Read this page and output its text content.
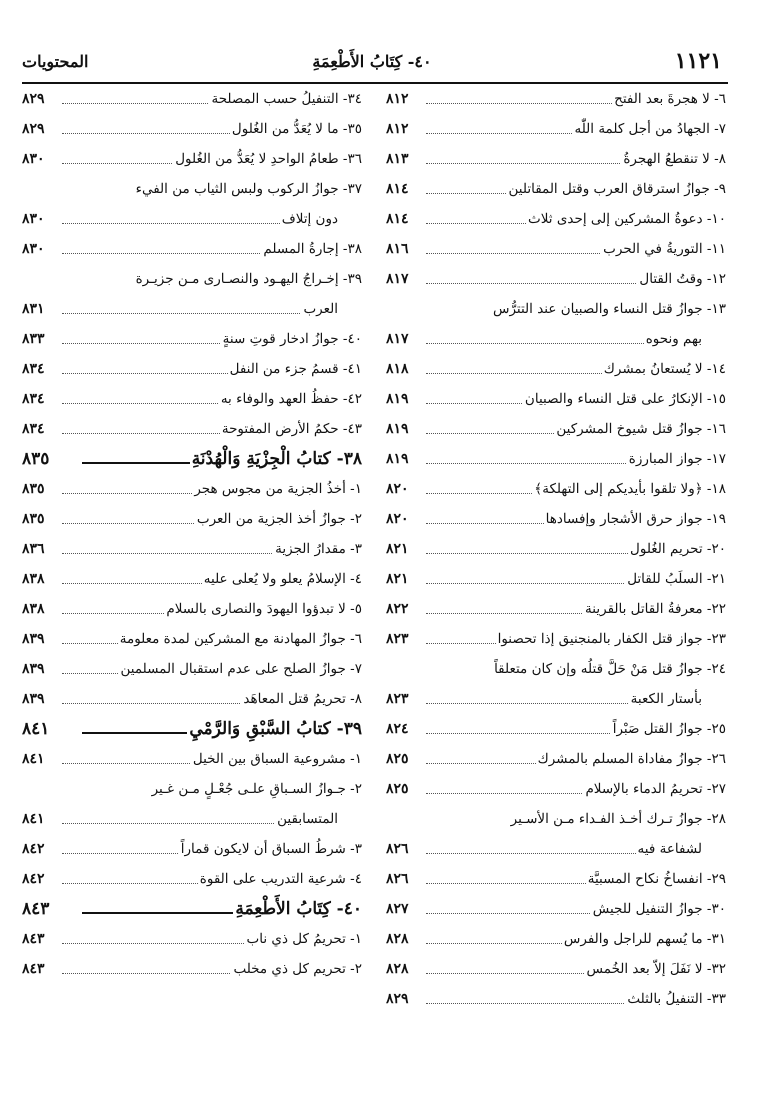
١١٢١
٤٠- كِتَابُ الأَطْعِمَةِ
المحتويات
٦- لا هجرةَ بعد الفتح
٨١٢
٧- الجهادُ من أجل كلمة اللّٰه
٨١٢
٨- لا تنقطعُ الهجرةُ
٨١٣
٩- جوازُ استرقاق العرب وقتل المقاتلين
٨١٤
١٠- دعوةُ المشركين إلى إحدى ثلاث
٨١٤
١١- التوريةُ في الحرب
٨١٦
١٢- وقتُ القتال
٨١٧
١٣- جوازُ قتل النساء والصبيان عند التترُّس
بهم ونحوه
٨١٧
١٤- لا يُستعانُ بمشرك
٨١٨
١٥- الإنكارُ على قتل النساء والصبيان
٨١٩
١٦- جوازُ قتل شيوخ المشركين
٨١٩
١٧- جواز المبارزة
٨١٩
١٨- ﴿ولا تلقوا بأيديكم إلى التهلكة﴾
٨٢٠
١٩- جواز حرق الأشجار وإفسادها
٨٢٠
٢٠- تحريم الغُلول
٨٢١
٢١- السلَبُ للقاتل
٨٢١
٢٢- معرفةُ القاتل بالقرينة
٨٢٢
٢٣- جواز قتل الكفار بالمنجنيق إذا تحصنوا
٨٢٣
٢٤- جوازُ قتل مَنْ حَلَّ قتلُه وإن كان متعلقاً
بأستار الكعبة
٨٢٣
٢٥- جوازُ القتل صَبْراً
٨٢٤
٢٦- جوازُ مفاداة المسلم بالمشرك
٨٢٥
٢٧- تحريمُ الدماء بالإسلام
٨٢٥
٢٨- جوازُ تـرك أخـذ الفـداء مـن الأسـير
لشفاعة فيه
٨٢٦
٢٩- انفساخُ نكاح المسبيَّة
٨٢٦
٣٠- جوازُ التنفيل للجيش
٨٢٧
٣١- ما يُسهم للراجل والفرس
٨٢٨
٣٢- لا نَفَلَ إلاّ بعد الخُمس
٨٢٨
٣٣- التنفيلُ بالثلث
٨٢٩
٣٤- التنفيلُ حسب المصلحة
٨٢٩
٣٥- ما لا يُعَدُّ من الغُلول
٨٢٩
٣٦- طعامُ الواحدِ لا يُعَدُّ من الغُلول
٨٣٠
٣٧- جوازُ الركوب ولبس الثياب من الفيء
دون إتلاف
٨٣٠
٣٨- إجارةُ المسلم
٨٣٠
٣٩- إخـراجُ اليهـود والنصـارى مـن جزيـرة
العرب
٨٣١
٤٠- جوازُ ادخار قوتِ سنةٍ
٨٣٣
٤١- قسمُ جزء من النفل
٨٣٤
٤٢- حفظُ العهد والوفاء به
٨٣٤
٤٣- حكمُ الأرض المفتوحة
٨٣٤
٣٨- كتابُ الْجِزْيَةِ وَالْهُدْنَةِ
٨٣٥
١- أخذُ الجزية من مجوس هجر
٨٣٥
٢- جوازُ أخذ الجزية من العرب
٨٣٥
٣- مقدارُ الجزية
٨٣٦
٤- الإسلامُ يعلو ولا يُعلى عليه
٨٣٨
٥- لا تبدؤوا اليهودَ والنصارى بالسلام
٨٣٨
٦- جوازُ المهادنة مع المشركين لمدة معلومة
٨٣٩
٧- جوازُ الصلح على عدم استقبال المسلمين
٨٣٩
٨- تحريمُ قتل المعاهَد
٨٣٩
٣٩- كتابُ السَّبْقِ وَالرَّمْيِ
٨٤١
١- مشروعية السباق بين الخيل
٨٤١
٢- جـوازُ السـباقِ علـى جُعْـلٍ مـن غـير
المتسابقين
٨٤١
٣- شرطُ السباق أن لايكون قماراً
٨٤٢
٤- شرعية التدريب على القوة
٨٤٢
٤٠- كِتَابُ الأَطْعِمَةِ
٨٤٣
١- تحريمُ كل ذي ناب
٨٤٣
٢- تحريم كل ذي مخلب
٨٤٣
